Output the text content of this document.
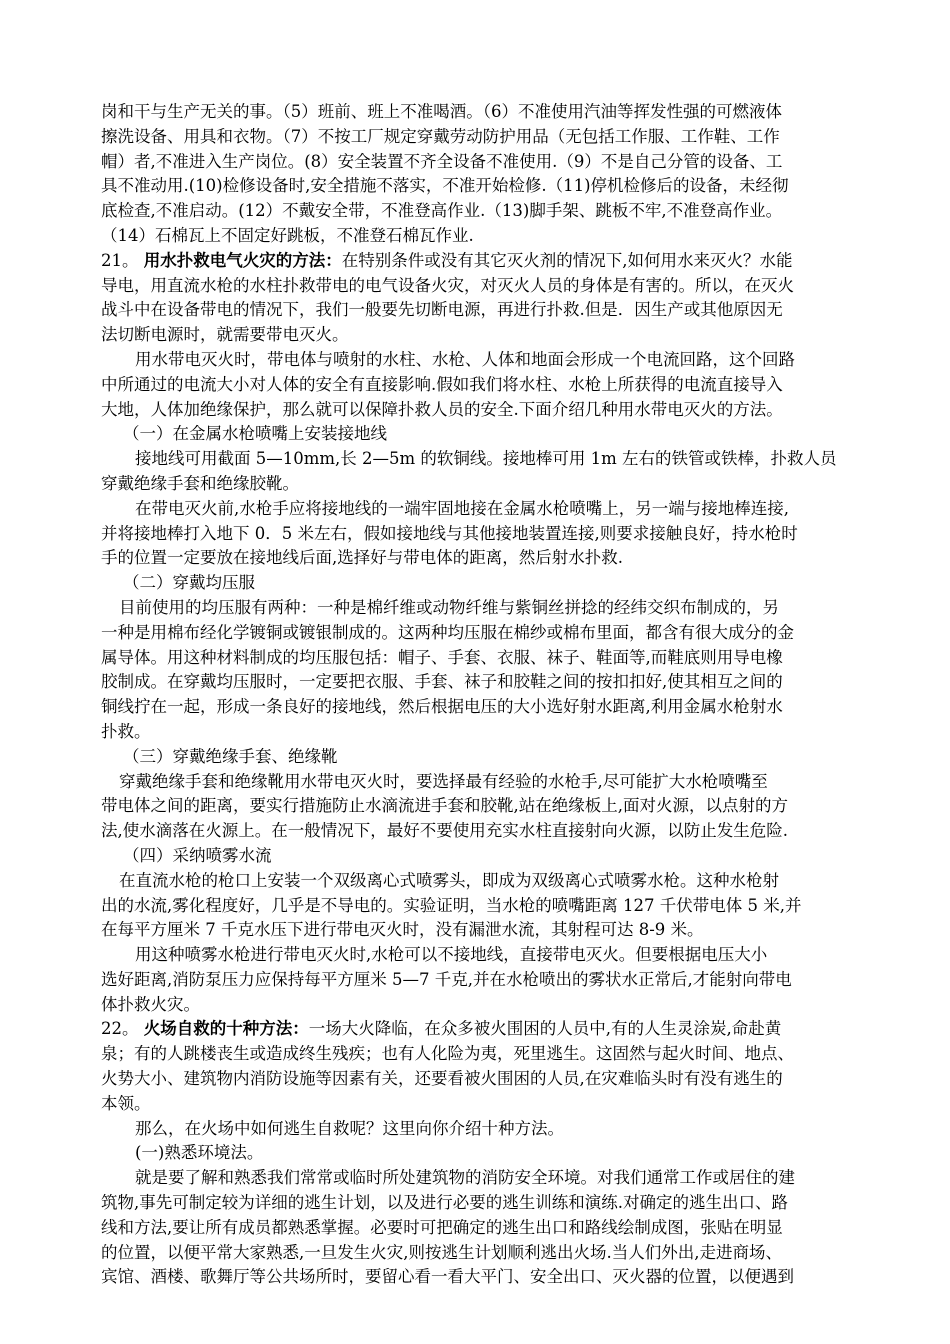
岗和干与生产无关的事。（5）班前、班上不准喝酒。（6）不准使用汽油等挥发性强的可燃液体
擦洗设备、用具和衣物。（7）不按工厂规定穿戴劳动防护用品（无包括工作服、工作鞋、工作
帽）者,不准进入生产岗位。(8）安全装置不齐全设备不准使用.（9）不是自己分管的设备、工
具不准动用.(10)检修设备时,安全措施不落实，不准开始检修.（11)停机检修后的设备，未经彻
底检查,不准启动。(12）不戴安全带，不准登高作业.（13)脚手架、跳板不牢,不准登高作业。
（14）石棉瓦上不固定好跳板，不准登石棉瓦作业.
21。 用水扑救电气火灾的方法：在特别条件或没有其它灭火剂的情况下,如何用水来灭火？水能
导电，用直流水枪的水柱扑救带电的电气设备火灾，对灭火人员的身体是有害的。所以，在灭火
战斗中在设备带电的情况下，我们一般要先切断电源，再进行扑救.但是．因生产或其他原因无
法切断电源时，就需要带电灭火。
用水带电灭火时，带电体与喷射的水柱、水枪、人体和地面会形成一个电流回路，这个回路
中所通过的电流大小对人体的安全有直接影响.假如我们将水柱、水枪上所获得的电流直接导入
大地，人体加绝缘保护，那么就可以保障扑救人员的安全.下面介绍几种用水带电灭火的方法。
（一）在金属水枪喷嘴上安装接地线
接地线可用截面 5—10mm,长 2—5m 的软铜线。接地棒可用 1m 左右的铁管或铁棒，扑救人员
穿戴绝缘手套和绝缘胶靴。
在带电灭火前,水枪手应将接地线的一端牢固地接在金属水枪喷嘴上，另一端与接地棒连接,
并将接地棒打入地下 0．5 米左右，假如接地线与其他接地装置连接,则要求接触良好，持水枪时
手的位置一定要放在接地线后面,选择好与带电体的距离，然后射水扑救.
（二）穿戴均压服
目前使用的均压服有两种：一种是棉纤维或动物纤维与紫铜丝拼捻的经纬交织布制成的，另
一种是用棉布经化学镀铜或镀银制成的。这两种均压服在棉纱或棉布里面，都含有很大成分的金
属导体。用这种材料制成的均压服包括：帽子、手套、衣服、袜子、鞋面等,而鞋底则用导电橡
胶制成。在穿戴均压服时，一定要把衣服、手套、袜子和胶鞋之间的按扣扣好,使其相互之间的
铜线拧在一起，形成一条良好的接地线，然后根据电压的大小选好射水距离,利用金属水枪射水
扑救。
（三）穿戴绝缘手套、绝缘靴
穿戴绝缘手套和绝缘靴用水带电灭火时，要选择最有经验的水枪手,尽可能扩大水枪喷嘴至
带电体之间的距离，要实行措施防止水滴流进手套和胶靴,站在绝缘板上,面对火源，以点射的方
法,使水滴落在火源上。在一般情况下，最好不要使用充实水柱直接射向火源，以防止发生危险.
（四）采纳喷雾水流
在直流水枪的枪口上安装一个双级离心式喷雾头，即成为双级离心式喷雾水枪。这种水枪射
出的水流,雾化程度好，几乎是不导电的。实验证明，当水枪的喷嘴距离 127 千伏带电体 5 米,并
在每平方厘米 7 千克水压下进行带电灭火时，没有漏泄水流，其射程可达 8-9 米。
用这种喷雾水枪进行带电灭火时,水枪可以不接地线，直接带电灭火。但要根据电压大小
选好距离,消防泵压力应保持每平方厘米 5—7 千克,并在水枪喷出的雾状水正常后,才能射向带电
体扑救火灾。
22。 火场自救的十种方法：一场大火降临，在众多被火围困的人员中,有的人生灵涂炭,命赴黄
泉；有的人跳楼丧生或造成终生残疾；也有人化险为夷，死里逃生。这固然与起火时间、地点、
火势大小、建筑物内消防设施等因素有关，还要看被火围困的人员,在灾难临头时有没有逃生的
本领。
那么，在火场中如何逃生自救呢？这里向你介绍十种方法。
(一)熟悉环境法。
就是要了解和熟悉我们常常或临时所处建筑物的消防安全环境。对我们通常工作或居住的建
筑物,事先可制定较为详细的逃生计划，以及进行必要的逃生训练和演练.对确定的逃生出口、路
线和方法,要让所有成员都熟悉掌握。必要时可把确定的逃生出口和路线绘制成图，张贴在明显
的位置，以便平常大家熟悉,一旦发生火灾,则按逃生计划顺利逃出火场.当人们外出,走进商场、
宾馆、酒楼、歌舞厅等公共场所时，要留心看一看大平门、安全出口、灭火器的位置，以便遇到
